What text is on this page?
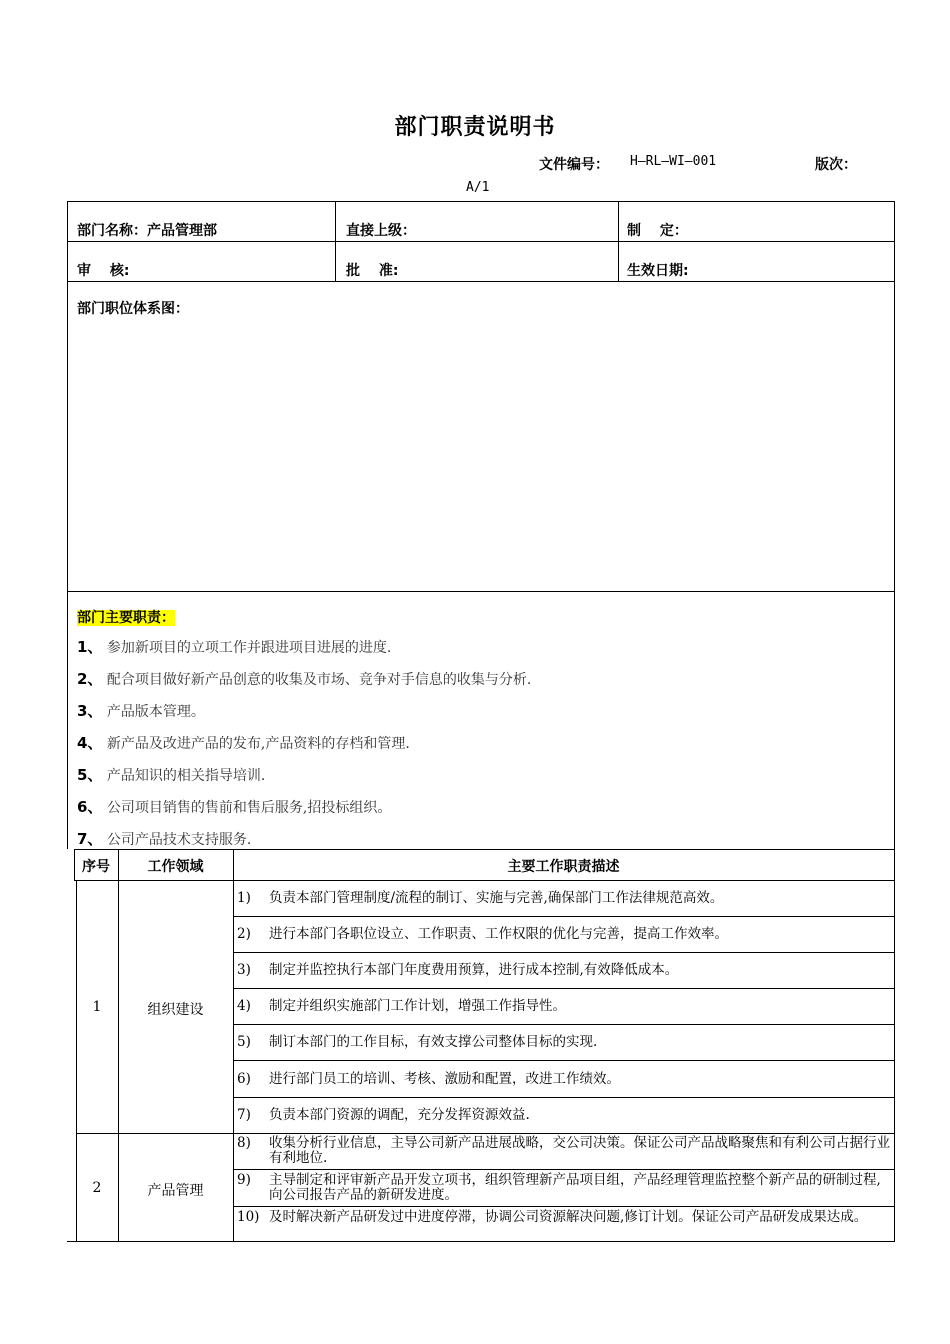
部门职责说明书
文件编号： H—RL—WI—001	版次：
A/1
部门名称：产品管理部	直接上级：	制　 定：
审　 核:	批　 准:	生效日期:
部门职位体系图：
部门主要职责：
1、 参加新项目的立项工作并跟进项目进展的进度.
2、 配合项目做好新产品创意的收集及市场、竞争对手信息的收集与分析.
3、 产品版本管理。
4、 新产品及改进产品的发布,产品资料的存档和管理.
5、 产品知识的相关指导培训.
6、 公司项目销售的售前和售后服务,招投标组织。
7、 公司产品技术支持服务.
序号	工作领域	主要工作职责描述
1	组织建设
1) 负责本部门管理制度/流程的制订、实施与完善,确保部门工作法律规范高效。
2) 进行本部门各职位设立、工作职责、工作权限的优化与完善，提高工作效率。
3) 制定并监控执行本部门年度费用预算，进行成本控制,有效降低成本。
4) 制定并组织实施部门工作计划，增强工作指导性。
5) 制订本部门的工作目标，有效支撑公司整体目标的实现.
6) 进行部门员工的培训、考核、激励和配置，改进工作绩效。
7) 负责本部门资源的调配，充分发挥资源效益.
2	产品管理
8) 收集分析行业信息，主导公司新产品进展战略，交公司决策。保证公司产品战略聚焦和有利公司占据行业有利地位.
9) 主导制定和评审新产品开发立项书，组织管理新产品项目组，产品经理管理监控整个新产品的研制过程,向公司报告产品的新研发进度。
10) 及时解决新产品研发过中进度停滞，协调公司资源解决问题,修订计划。保证公司产品研发成果达成。
